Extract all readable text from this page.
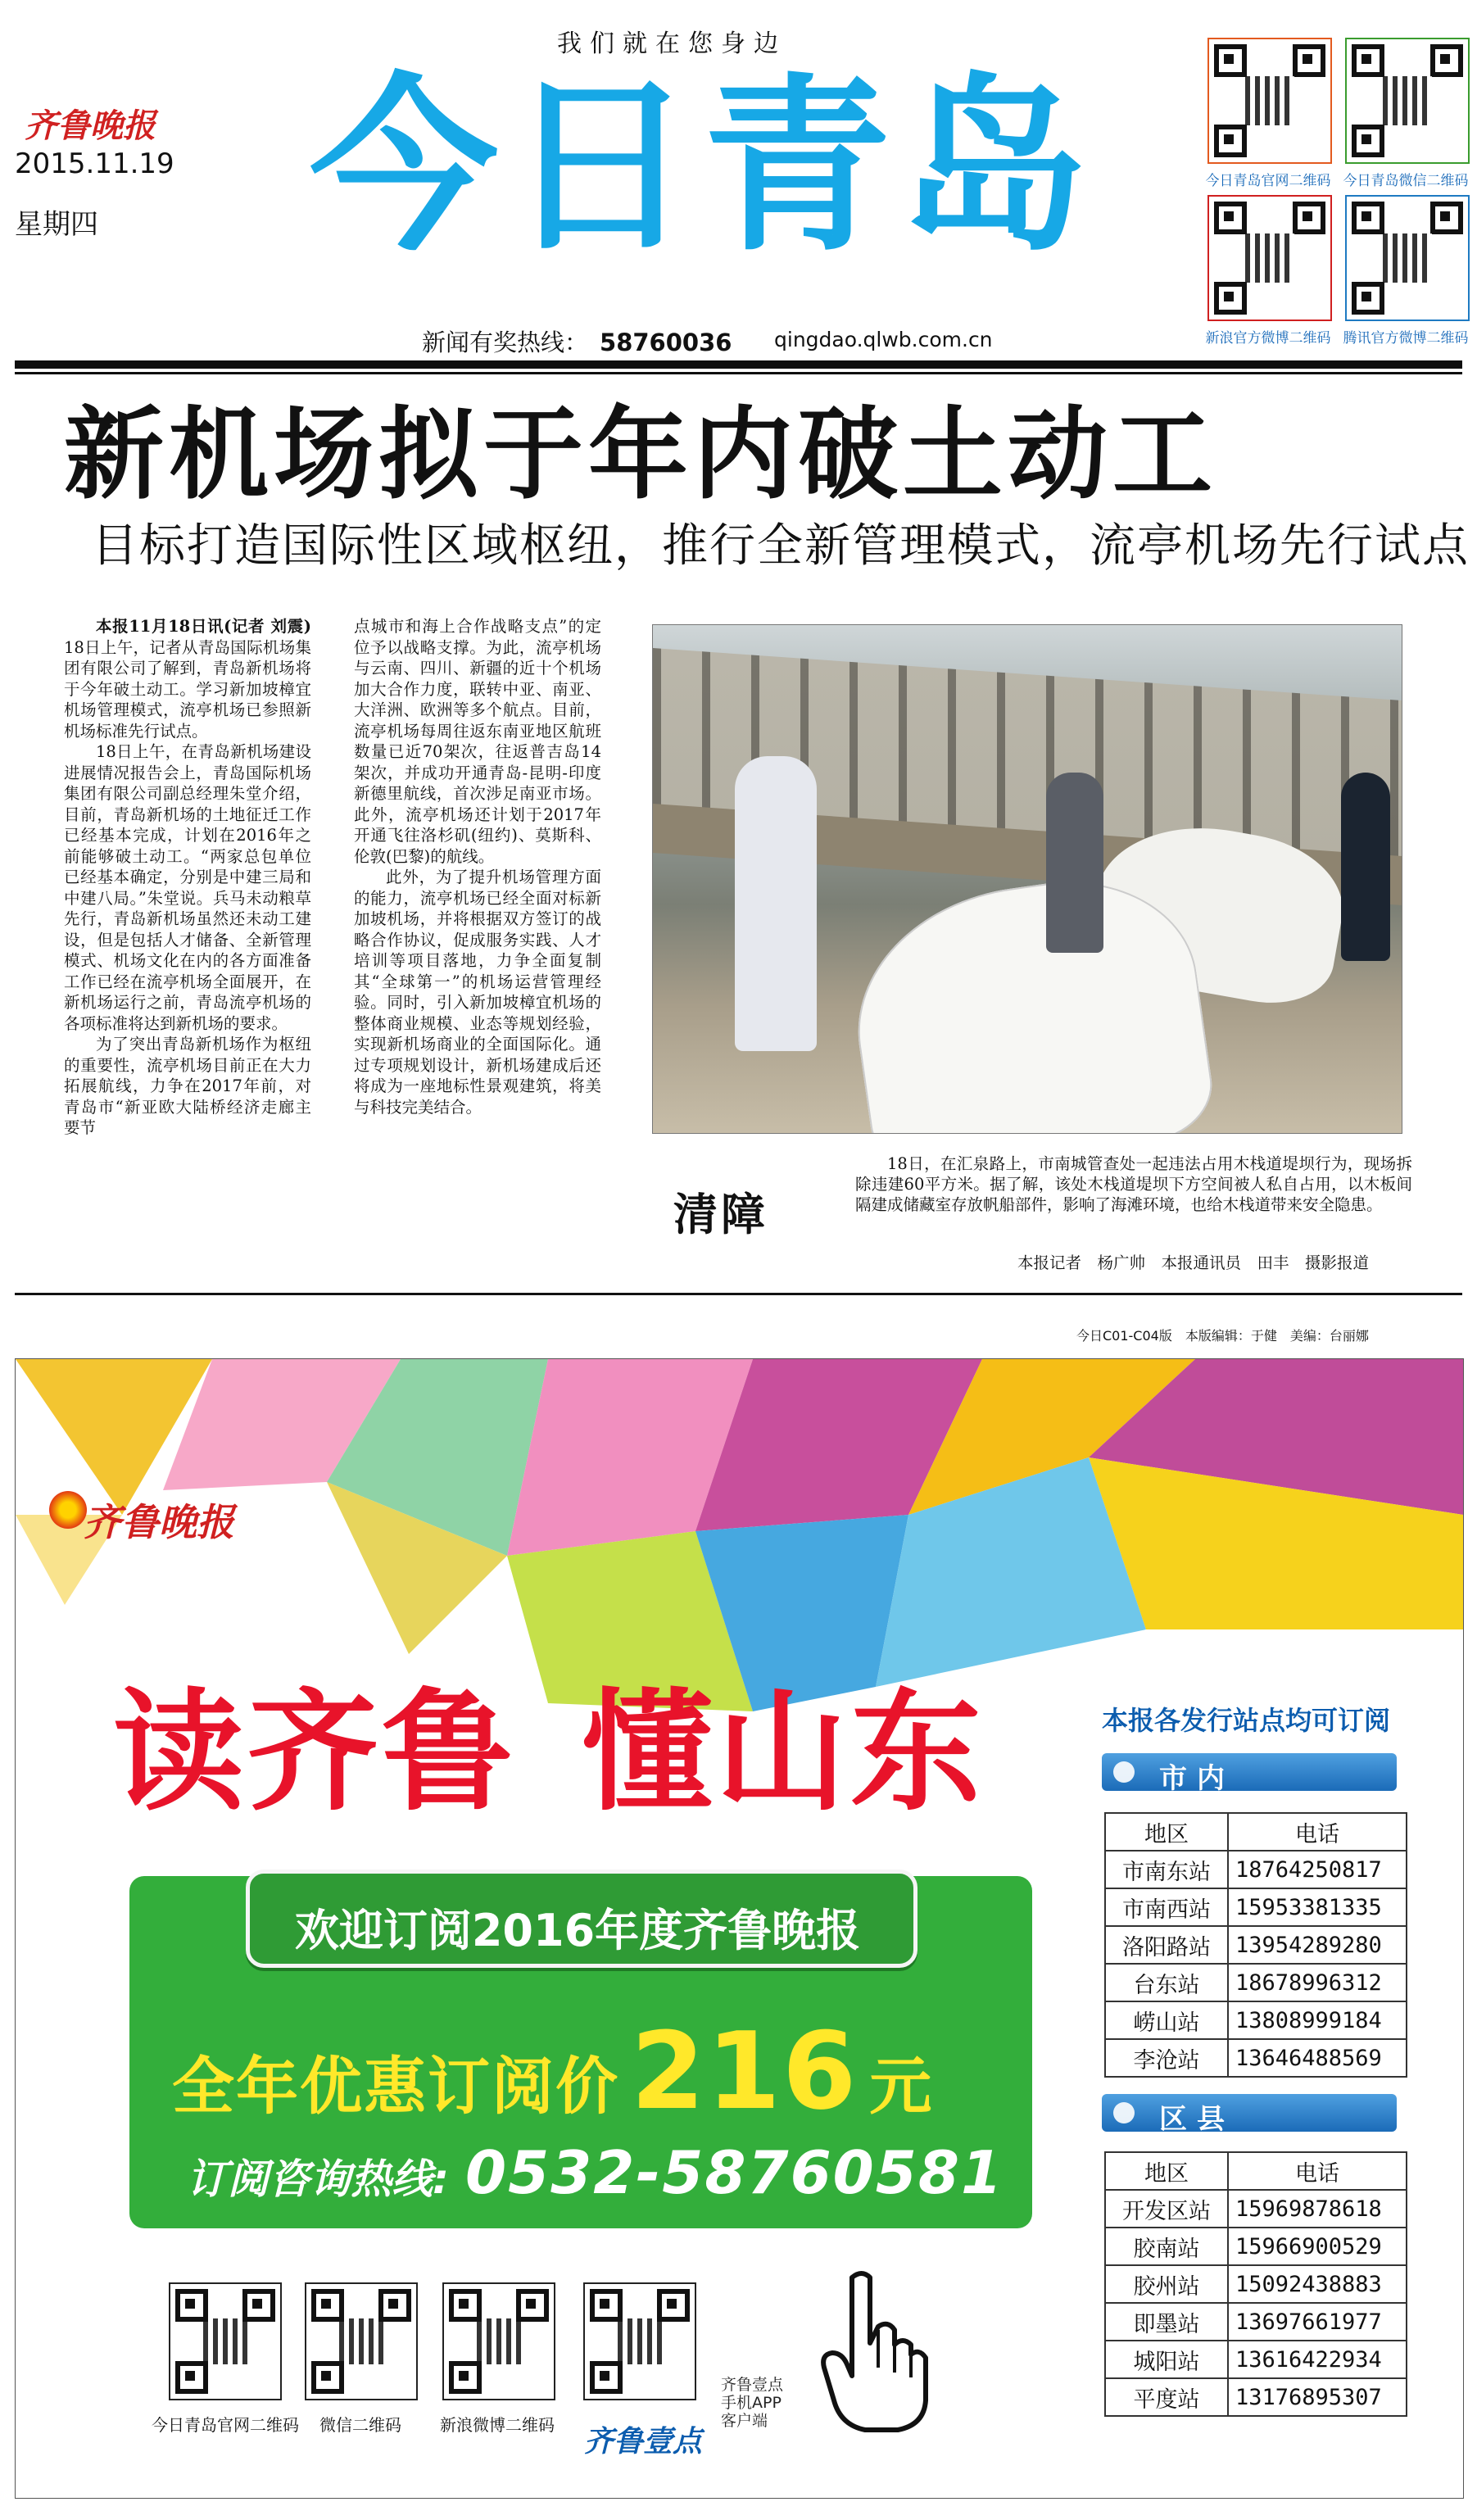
我们就在您身边
齐鲁晚报
2015.11.19
星期四 今日青岛
新闻有奖热线： 58760036 qingdao.qlwb.com.cn
今日青岛官网二维码 今日青岛微信二维码
新浪官方微博二维码 腾讯官方微博二维码
新机场拟于年内破土动工
目标打造国际性区域枢纽，推行全新管理模式，流亭机场先行试点

本报11月18日讯(记者 刘震) 18日上午，记者从青岛国际机场集团有限公司了解到，青岛新机场将于今年破土动工。学习新加坡樟宜机场管理模式，流亭机场已参照新机场标准先行试点。

18日上午，在青岛新机场建设进展情况报告会上，青岛国际机场集团有限公司副总经理朱堂介绍，目前，青岛新机场的土地征迁工作已经基本完成，计划在2016年之前能够破土动工。“两家总包单位已经基本确定，分别是中建三局和中建八局。”朱堂说。兵马未动粮草先行，青岛新机场虽然还未动工建设，但是包括人才储备、全新管理模式、机场文化在内的各方面准备工作已经在流亭机场全面展开，在新机场运行之前，青岛流亭机场的各项标准将达到新机场的要求。

为了突出青岛新机场作为枢纽的重要性，流亭机场目前正在大力拓展航线，力争在2017年前，对青岛市“新亚欧大陆桥经济走廊主要节

点城市和海上合作战略支点”的定位予以战略支撑。为此，流亭机场与云南、四川、新疆的近十个机场加大合作力度，联转中亚、南亚、大洋洲、欧洲等多个航点。目前，流亭机场每周往返东南亚地区航班数量已近70架次，往返普吉岛14架次，并成功开通青岛-昆明-印度新德里航线，首次涉足南亚市场。此外，流亭机场还计划于2017年开通飞往洛杉矶(纽约)、莫斯科、伦敦(巴黎)的航线。

此外，为了提升机场管理方面的能力，流亭机场已经全面对标新加坡机场，并将根据双方签订的战略合作协议，促成服务实践、人才培训等项目落地，力争全面复制其“全球第一”的机场运营管理经验。同时，引入新加坡樟宜机场的整体商业规模、业态等规划经验，实现新机场商业的全面国际化。通过专项规划设计，新机场建成后还将成为一座地标性景观建筑，将美与科技完美结合。

清障
18日，在汇泉路上，市南城管查处一起违法占用木栈道堤坝行为，现场拆除违建60平方米。据了解，该处木栈道堤坝下方空间被人私自占用，以木板间隔建成储藏室存放帆船部件，影响了海滩环境，也给木栈道带来安全隐患。
本报记者　杨广帅　本报通讯员　田丰　摄影报道
今日C01-C04版　本版编辑：于健　美编：台丽娜
齐鲁晚报
读齐鲁 懂山东
欢迎订阅2016年度齐鲁晚报
全年优惠订阅价 216 元
订阅咨询热线: 0532-58760581
本报各发行站点均可订阅
市内
地区	电话
市南东站	18764250817
市南西站	15953381335
洛阳路站	13954289280
台东站	18678996312
崂山站	13808999184
李沧站	13646488569
区县
地区	电话
开发区站	15969878618
胶南站	15966900529
胶州站	15092438883
即墨站	13697661977
城阳站	13616422934
平度站	13176895307
今日青岛官网二维码	微信二维码	新浪微博二维码	齐鲁壹点
齐鲁壹点
手机APP
客户端
